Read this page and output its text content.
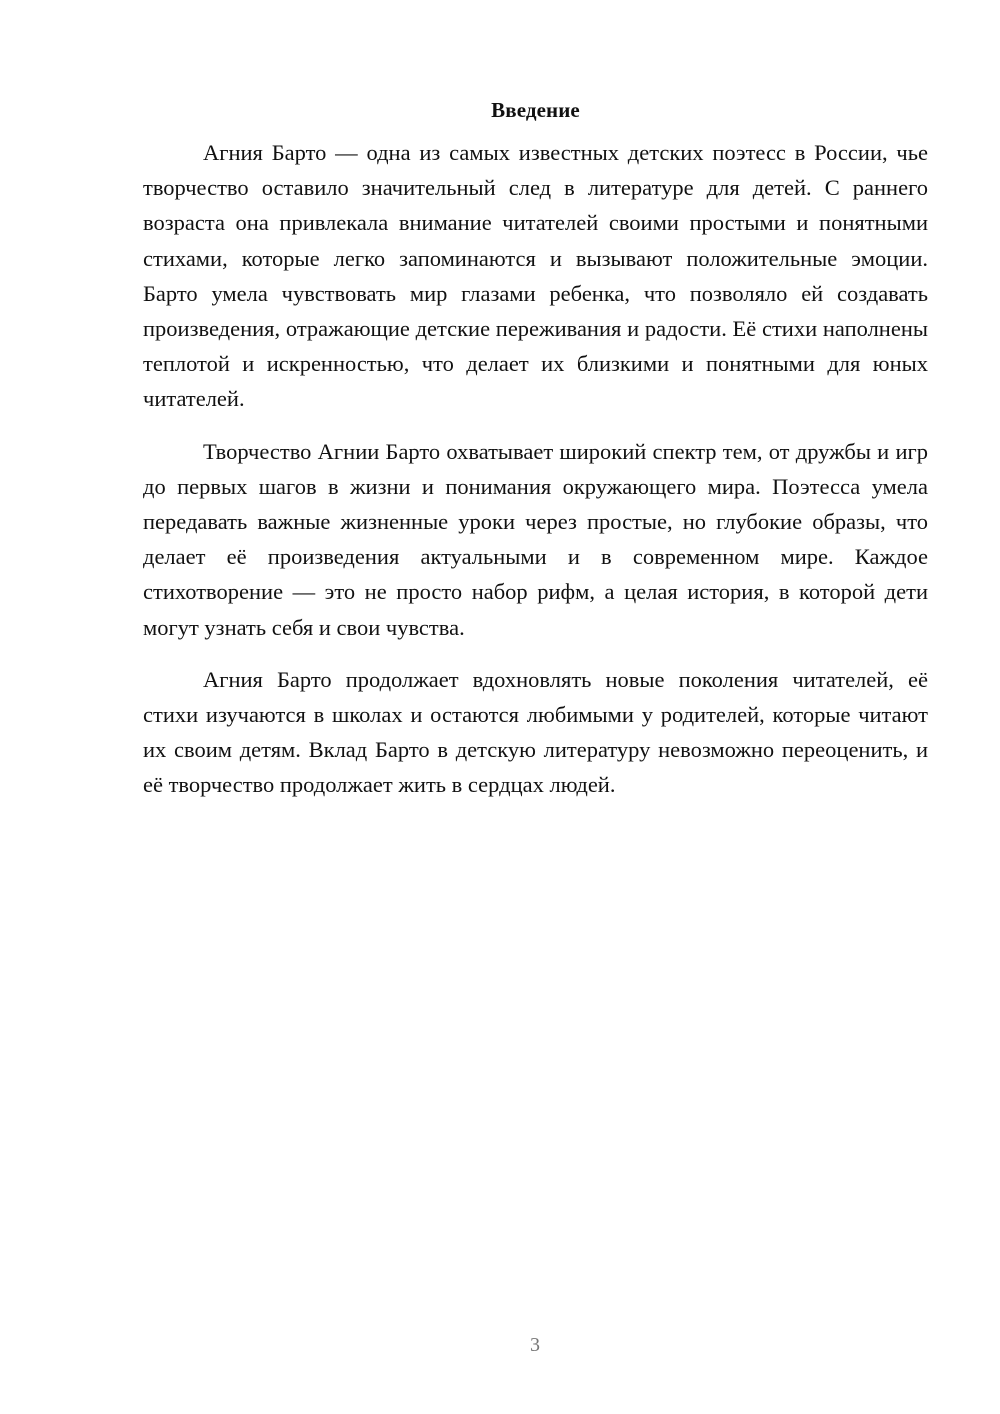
Введение

Агния Барто — одна из самых известных детских поэтесс в России, чье творчество оставило значительный след в литературе для детей. С раннего возраста она привлекала внимание читателей своими простыми и понятными стихами, которые легко запоминаются и вызывают положительные эмоции. Барто умела чувствовать мир глазами ребенка, что позволяло ей создавать произведения, отражающие детские переживания и радости. Её стихи наполнены теплотой и искренностью, что делает их близкими и понятными для юных читателей.

Творчество Агнии Барто охватывает широкий спектр тем, от дружбы и игр до первых шагов в жизни и понимания окружающего мира. Поэтесса умела передавать важные жизненные уроки через простые, но глубокие образы, что делает её произведения актуальными и в современном мире. Каждое стихотворение — это не просто набор рифм, а целая история, в которой дети могут узнать себя и свои чувства.

Агния Барто продолжает вдохновлять новые поколения читателей, её стихи изучаются в школах и остаются любимыми у родителей, которые читают их своим детям. Вклад Барто в детскую литературу невозможно переоценить, и её творчество продолжает жить в сердцах людей.

3
